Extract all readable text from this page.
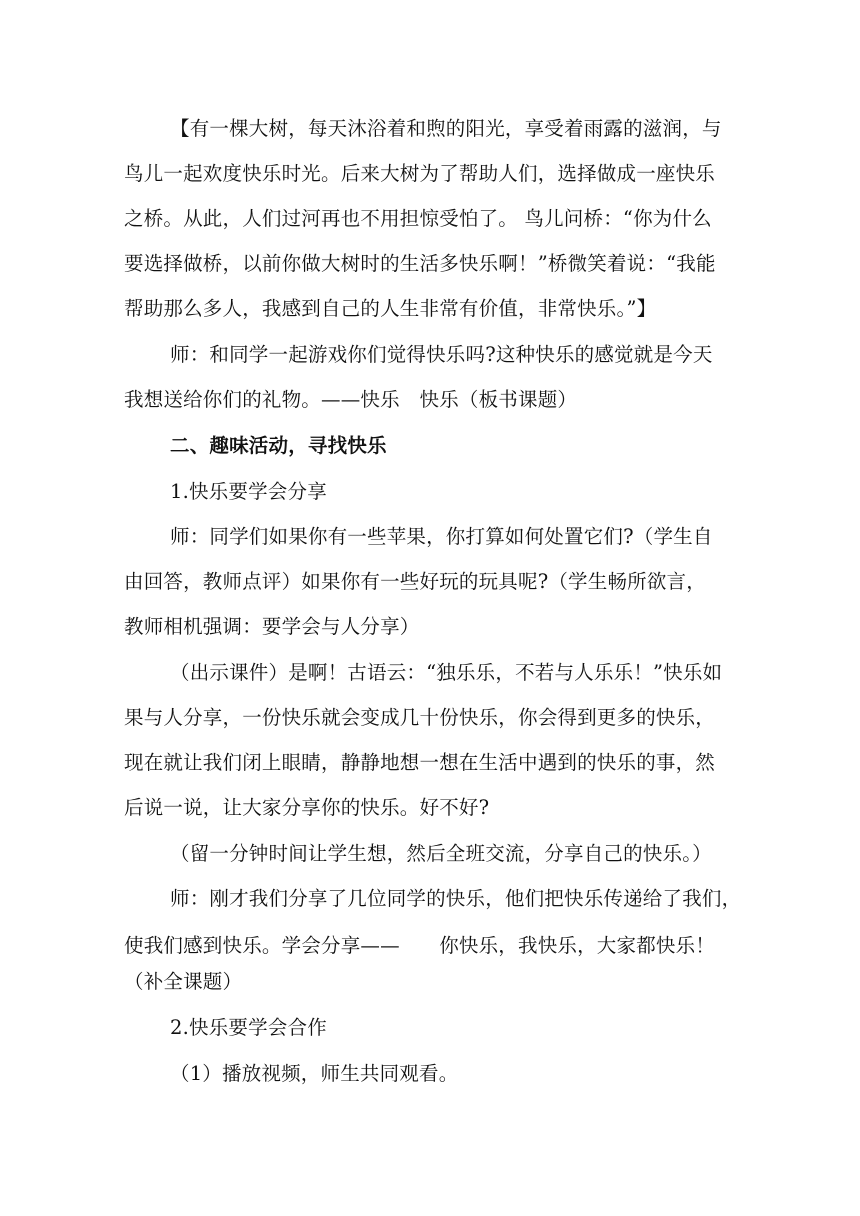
【有一棵大树，每天沐浴着和煦的阳光，享受着雨露的滋润，与
鸟儿一起欢度快乐时光。后来大树为了帮助人们，选择做成一座快乐
之桥。从此，人们过河再也不用担惊受怕了。 鸟儿问桥：“你为什么
要选择做桥，以前你做大树时的生活多快乐啊！”桥微笑着说：“我能
帮助那么多人，我感到自己的人生非常有价值，非常快乐。”】
师：和同学一起游戏你们觉得快乐吗?这种快乐的感觉就是今天
我想送给你们的礼物。——快乐　快乐（板书课题）
二、趣味活动，寻找快乐
1.快乐要学会分享
师：同学们如果你有一些苹果，你打算如何处置它们?（学生自
由回答，教师点评）如果你有一些好玩的玩具呢?（学生畅所欲言，
教师相机强调：要学会与人分享）
（出示课件）是啊！古语云：“独乐乐，不若与人乐乐！”快乐如
果与人分享，一份快乐就会变成几十份快乐，你会得到更多的快乐，
现在就让我们闭上眼睛，静静地想一想在生活中遇到的快乐的事，然
后说一说，让大家分享你的快乐。好不好?
（留一分钟时间让学生想，然后全班交流，分享自己的快乐。）
师：刚才我们分享了几位同学的快乐，他们把快乐传递给了我们，
使我们感到快乐。学会分享——　　你快乐，我快乐，大家都快乐！
（补全课题）
2.快乐要学会合作
（1）播放视频，师生共同观看。
